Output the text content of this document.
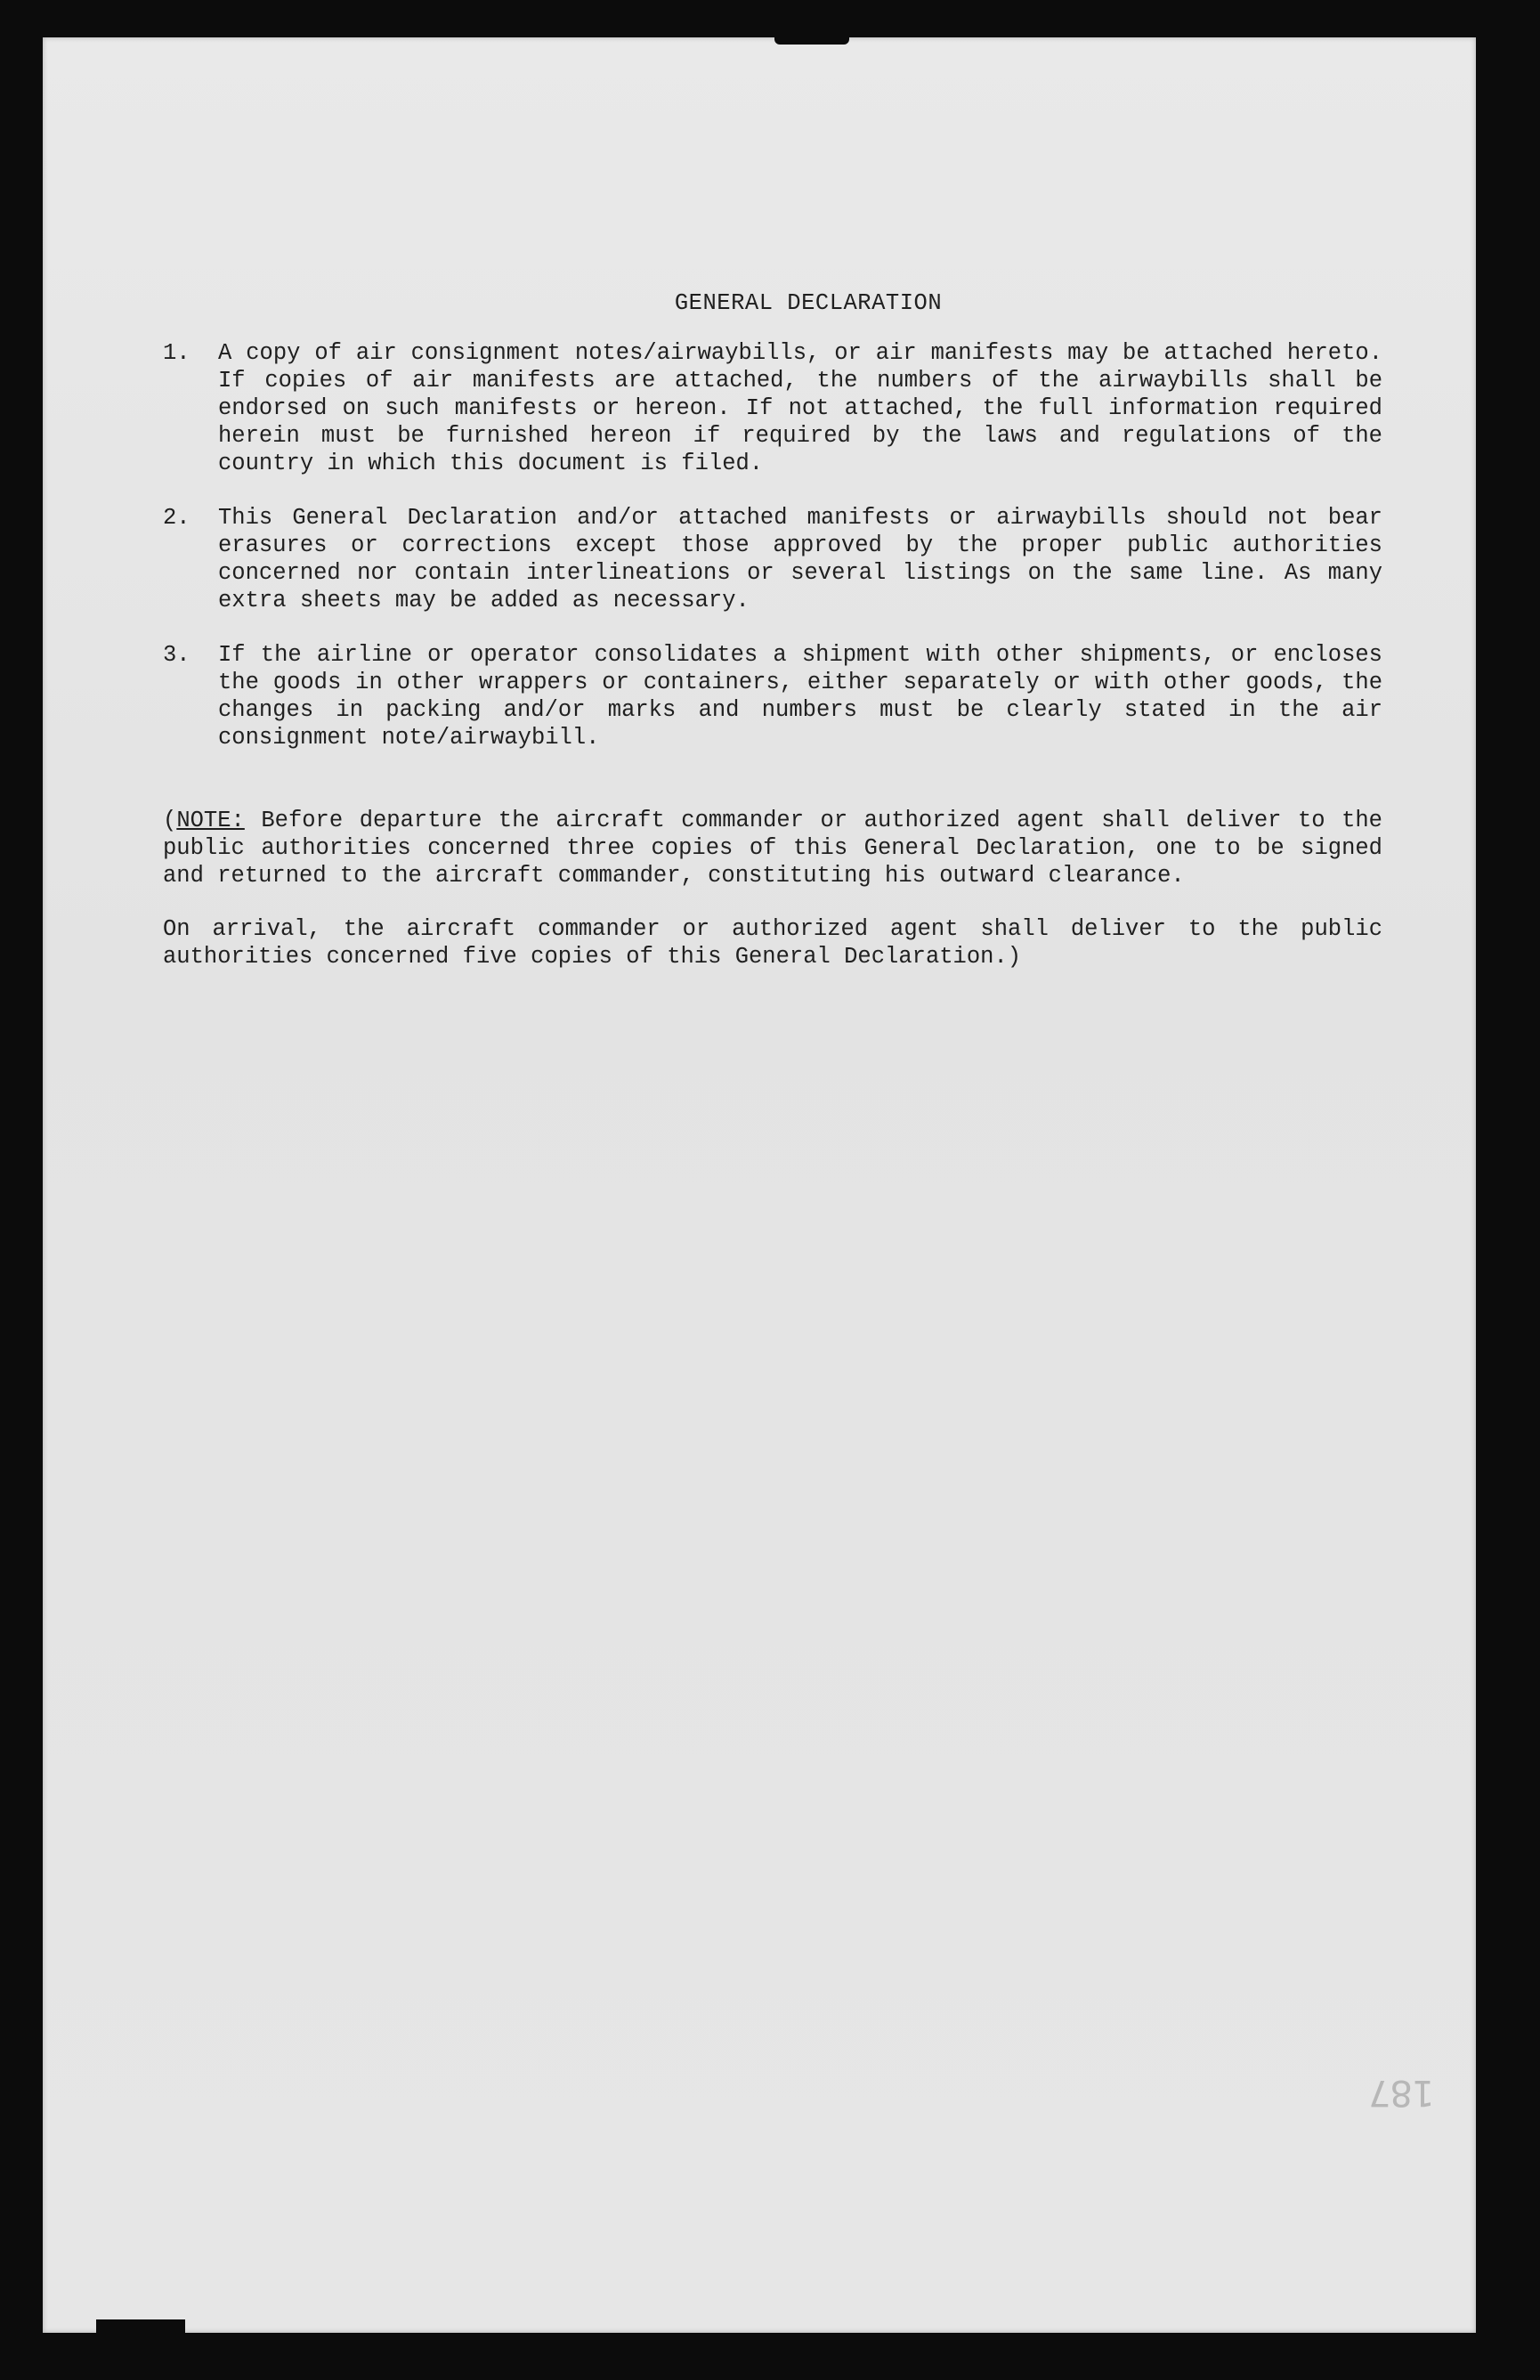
GENERAL DECLARATION
1.	A copy of air consignment notes/airwaybills, or air manifests may be attached hereto. If copies of air manifests are attached, the numbers of the airwaybills shall be endorsed on such manifests or hereon. If not attached, the full information required herein must be furnished hereon if required by the laws and regulations of the country in which this document is filed.
2.	This General Declaration and/or attached manifests or airwaybills should not bear erasures or corrections except those approved by the proper public authorities concerned nor contain interlineations or several listings on the same line. As many extra sheets may be added as necessary.
3.	If the airline or operator consolidates a shipment with other shipments, or encloses the goods in other wrappers or containers, either separately or with other goods, the changes in packing and/or marks and numbers must be clearly stated in the air consignment note/airwaybill.
(NOTE: Before departure the aircraft commander or authorized agent shall deliver to the public authorities concerned three copies of this General Declaration, one to be signed and returned to the aircraft commander, constituting his outward clearance.
On arrival, the aircraft commander or authorized agent shall deliver to the public authorities concerned five copies of this General Declaration.)
187
